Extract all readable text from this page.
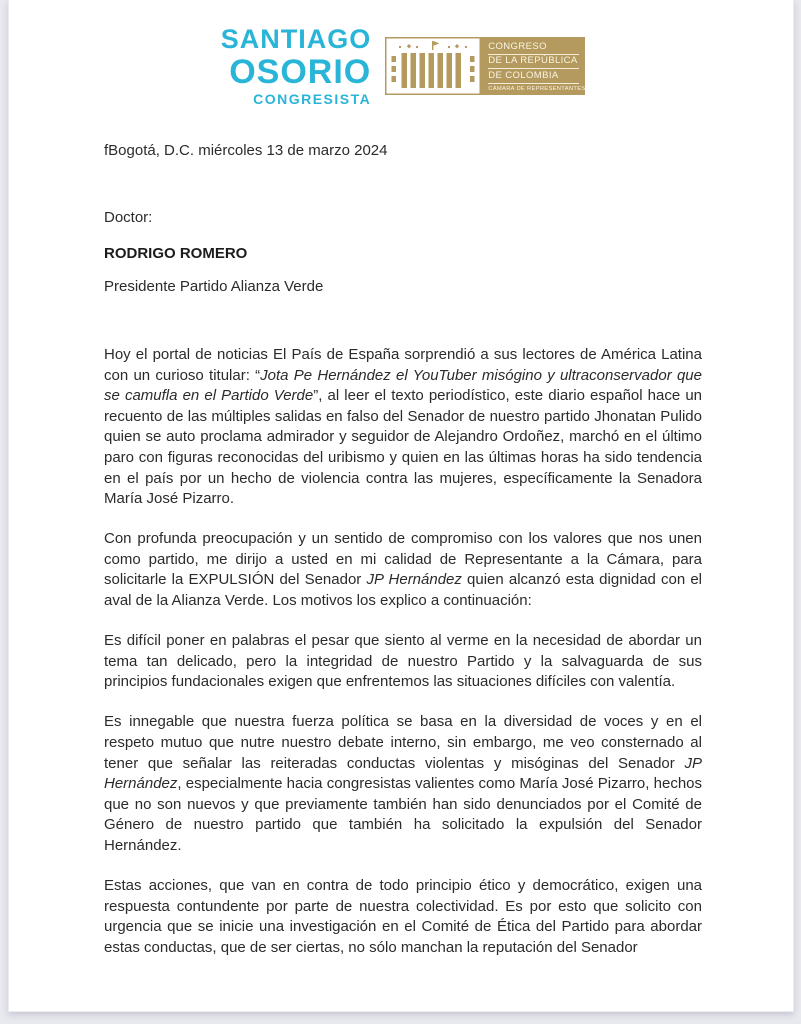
SANTIAGO
OSORIO
CONGRESISTA
CONGRESO
DE LA REPÚBLICA
DE COLOMBIA
CÁMARA DE REPRESENTANTES
fBogotá, D.C. miércoles 13 de marzo 2024
Doctor:
RODRIGO ROMERO
Presidente Partido Alianza Verde

Hoy el portal de noticias El País de España sorprendió a sus lectores de América Latina con un curioso titular: “Jota Pe Hernández el YouTuber misógino y ultraconservador que se camufla en el Partido Verde”, al leer el texto periodístico, este diario español hace un recuento de las múltiples salidas en falso del Senador de nuestro partido Jhonatan Pulido quien se auto proclama admirador y seguidor de Alejandro Ordoñez, marchó en el último paro con figuras reconocidas del uribismo y quien en las últimas horas ha sido tendencia en el país por un hecho de violencia contra las mujeres, específicamente la Senadora María José Pizarro.

Con profunda preocupación y un sentido de compromiso con los valores que nos unen como partido, me dirijo a usted en mi calidad de Representante a la Cámara, para solicitarle la EXPULSIÓN del Senador JP Hernández quien alcanzó esta dignidad con el aval de la Alianza Verde. Los motivos los explico a continuación:

Es difícil poner en palabras el pesar que siento al verme en la necesidad de abordar un tema tan delicado, pero la integridad de nuestro Partido y la salvaguarda de sus principios fundacionales exigen que enfrentemos las situaciones difíciles con valentía.

Es innegable que nuestra fuerza política se basa en la diversidad de voces y en el respeto mutuo que nutre nuestro debate interno, sin embargo, me veo consternado al tener que señalar las reiteradas conductas violentas y misóginas del Senador JP Hernández, especialmente hacia congresistas valientes como María José Pizarro, hechos que no son nuevos y que previamente también han sido denunciados por el Comité de Género de nuestro partido que también ha solicitado la expulsión del Senador Hernández.

Estas acciones, que van en contra de todo principio ético y democrático, exigen una respuesta contundente por parte de nuestra colectividad. Es por esto que solicito con urgencia que se inicie una investigación en el Comité de Ética del Partido para abordar estas conductas, que de ser ciertas, no sólo manchan la reputación del Senador
